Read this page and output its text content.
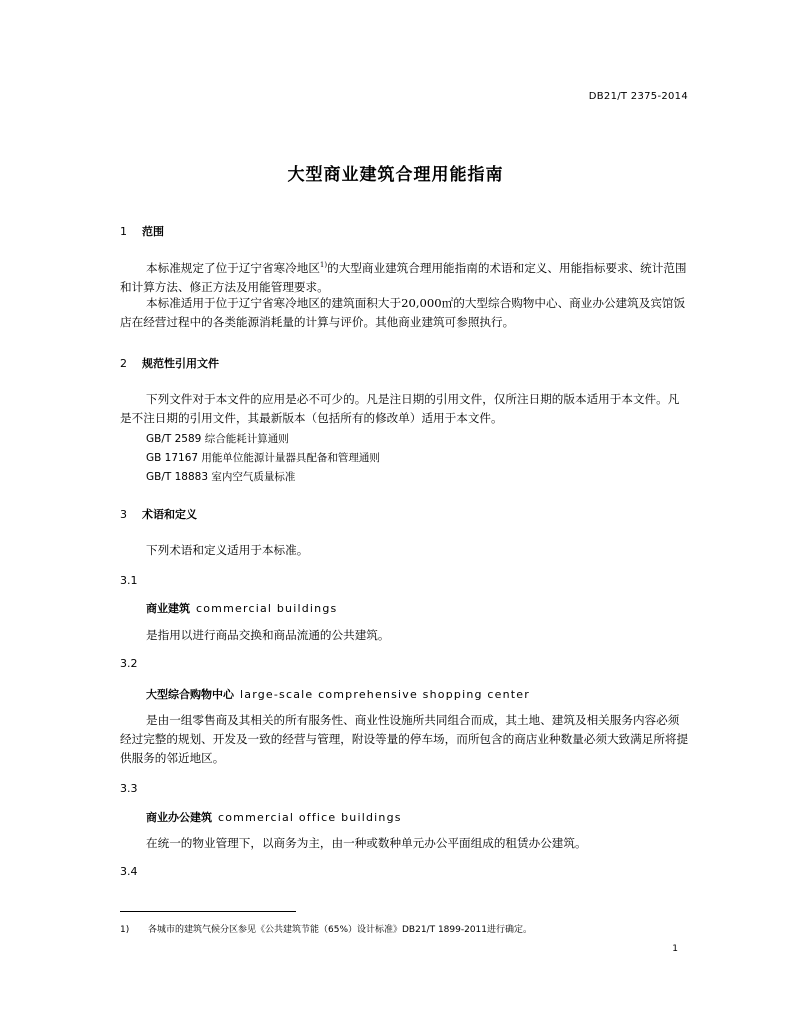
DB21/T 2375-2014
大型商业建筑合理用能指南
1 范围
本标准规定了位于辽宁省寒冷地区$^{1)}$的大型商业建筑合理用能指南的术语和定义、用能指标要求、统计范围和计算方法、修正方法及用能管理要求。
本标准适用于位于辽宁省寒冷地区的建筑面积大于20,000㎡的大型综合购物中心、商业办公建筑及宾馆饭店在经营过程中的各类能源消耗量的计算与评价。其他商业建筑可参照执行。
2 规范性引用文件
下列文件对于本文件的应用是必不可少的。凡是注日期的引用文件，仅所注日期的版本适用于本文件。凡是不注日期的引用文件，其最新版本（包括所有的修改单）适用于本文件。
GB/T 2589 综合能耗计算通则
GB 17167 用能单位能源计量器具配备和管理通则
GB/T 18883 室内空气质量标准
3 术语和定义
下列术语和定义适用于本标准。
3.1
商业建筑 commercial buildings
是指用以进行商品交换和商品流通的公共建筑。
3.2
大型综合购物中心 large-scale comprehensive shopping center
是由一组零售商及其相关的所有服务性、商业性设施所共同组合而成，其土地、建筑及相关服务内容必须经过完整的规划、开发及一致的经营与管理，附设等量的停车场，而所包含的商店业种数量必须大致满足所将提供服务的邻近地区。
3.3
商业办公建筑 commercial office buildings
在统一的物业管理下，以商务为主，由一种或数种单元办公平面组成的租赁办公建筑。
3.4
1) 各城市的建筑气候分区参见《公共建筑节能（65%）设计标准》DB21/T 1899-2011进行确定。
1
